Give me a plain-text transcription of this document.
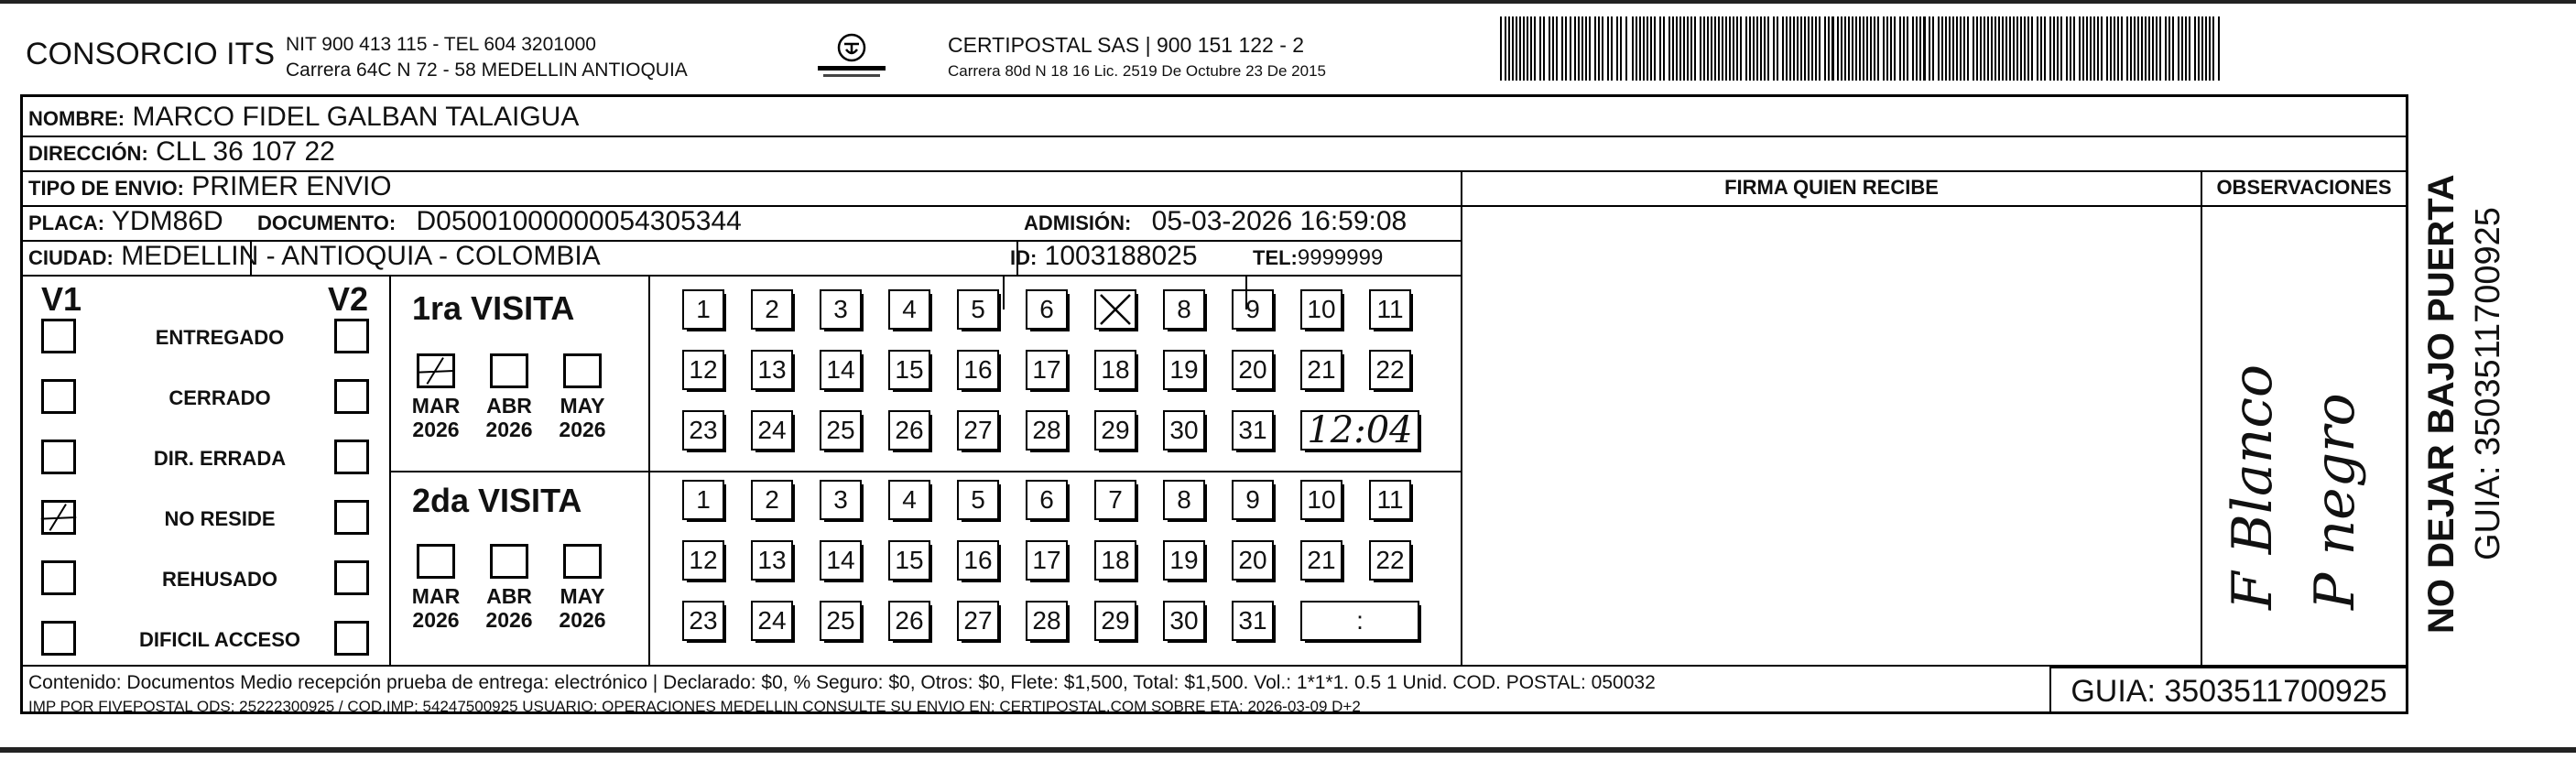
CONSORCIO ITS NIT 900 413 115 - TEL 604 3201000
Carrera 64C N 72 - 58 MEDELLIN ANTIOQUIA
CERTIPOSTAL SAS | 900 151 122 - 2
Carrera 80d N 18 16 Lic. 2519 De Octubre 23 De 2015
NOMBRE: MARCO FIDEL GALBAN TALAIGUA
DIRECCIÓN: CLL 36 107 22
TIPO DE ENVIO: PRIMER ENVIO
PLACA: YDM86D DOCUMENTO: D05001000000054305344	ADMISIÓN: 05-03-2026 16:59:08
CIUDAD: MEDELLIN - ANTIOQUIA - COLOMBIA	ID: 1003188025	TEL:9999999
FIRMA QUIEN RECIBE	OBSERVACIONES
V1	V2
ENTREGADO
CERRADO
DIR. ERRADA
NO RESIDE
REHUSADO
DIFICIL ACCESO
1ra VISITA
MAR
2026
ABR
2026
MAY
2026
1	2	3	4	5	6	8	9	10	11
12 13 14 15 16 17 18 19 20 21 22
23 24 25 26 27 28 29 30 31 12:04
2da VISITA
MAR
2026
ABR
2026
MAY
2026
1	2	3	4	5	6	7	8	9	10	11
12 13 14 15 16 17 18 19 20 21 22
23 24 25 26 27 28 29 30 31	:
F Blanco P negro
Contenido: Documentos Medio recepción prueba de entrega: electrónico | Declarado: $0, % Seguro: $0, Otros: $0, Flete: $1,500, Total: $1,500. Vol.: 1*1*1. 0.5 1 Unid. COD. POSTAL: 050032
IMP POR FIVEPOSTAL ODS: 25222300925 / COD.IMP: 54247500925 USUARIO: OPERACIONES MEDELLIN CONSULTE SU ENVIO EN: CERTIPOSTAL.COM SOBRE ETA: 2026-03-09 D+2	GUIA: 3503511700925
NO DEJAR BAJO PUERTA GUIA: 3503511700925
